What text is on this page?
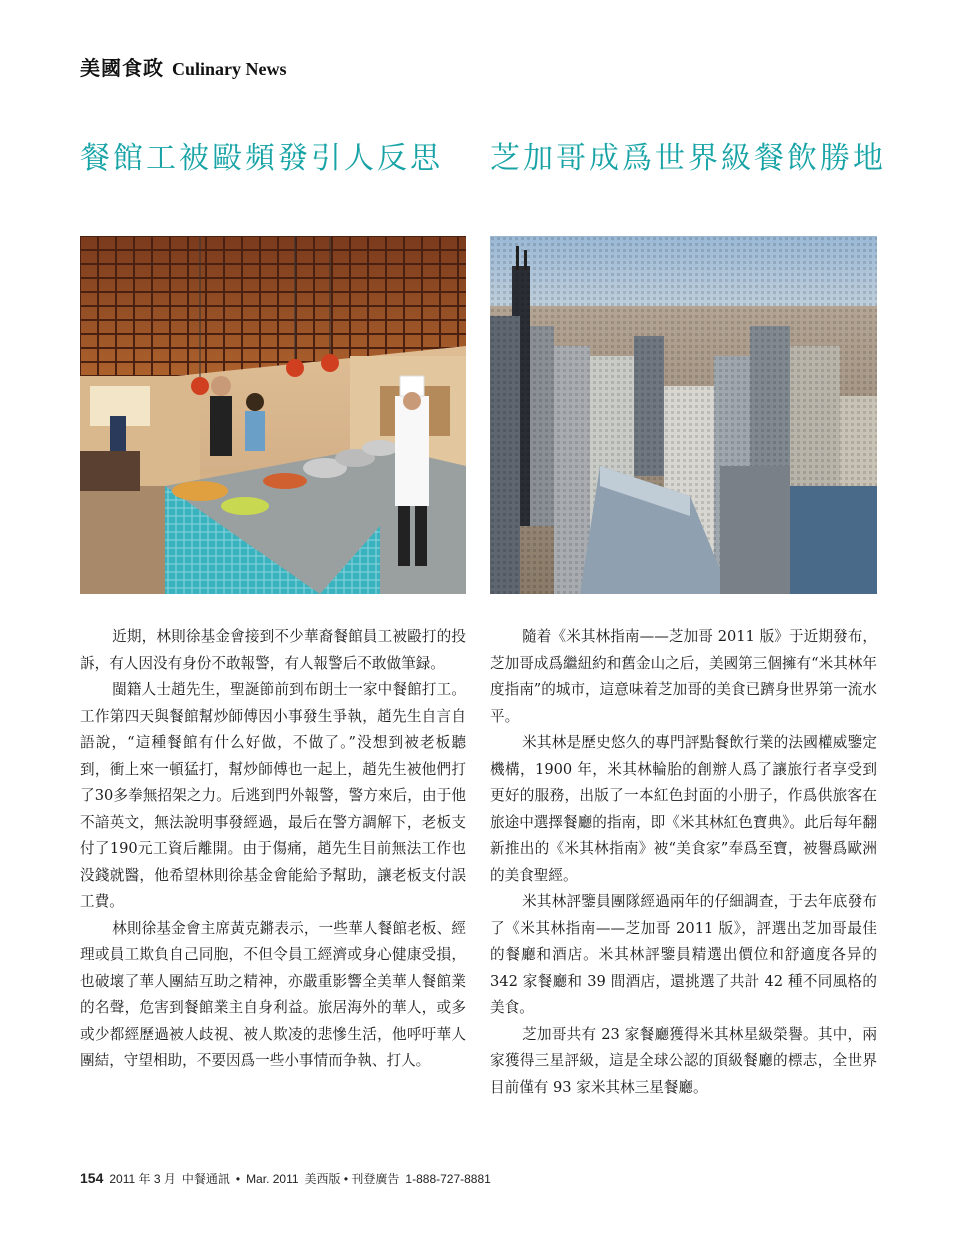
美國食政 Culinary News
餐館工被毆頻發引人反思 芝加哥成爲世界級餐飲勝地

近期，林則徐基金會接到不少華裔餐館員工被毆打的投訴，有人因没有身份不敢報警，有人報警后不敢做筆録。

閩籍人士趙先生，聖誕節前到布朗士一家中餐館打工。工作第四天與餐館幫炒師傅因小事發生爭執，趙先生自言自語說，“這種餐館有什么好做，不做了。”没想到被老板聽到，衝上來一頓猛打，幫炒師傅也一起上，趙先生被他們打了30多拳無招架之力。后逃到門外報警，警方來后，由于他不諳英文，無法說明事發經過，最后在警方調解下，老板支付了190元工資后離開。由于傷痛，趙先生目前無法工作也没錢就醫，他希望林則徐基金會能給予幫助，讓老板支付誤工費。

林則徐基金會主席黃克鏘表示，一些華人餐館老板、經理或員工欺負自己同胞，不但令員工經濟或身心健康受損，也破壞了華人團結互助之精神，亦嚴重影響全美華人餐館業的名聲，危害到餐館業主自身利益。旅居海外的華人，或多或少都經歷過被人歧視、被人欺凌的悲慘生活，他呼吁華人團結，守望相助，不要因爲一些小事情而争執、打人。

隨着《米其林指南——芝加哥 2011 版》于近期發布，芝加哥成爲繼紐約和舊金山之后，美國第三個擁有“米其林年度指南”的城市，這意味着芝加哥的美食已躋身世界第一流水平。

米其林是歷史悠久的專門評點餐飲行業的法國權威鑒定機構，1900 年，米其林輪胎的創辦人爲了讓旅行者享受到更好的服務，出版了一本紅色封面的小册子，作爲供旅客在旅途中選擇餐廳的指南，即《米其林紅色寶典》。此后每年翻新推出的《米其林指南》被“美食家”奉爲至寶，被譽爲歐洲的美食聖經。

米其林評鑒員團隊經過兩年的仔細調查，于去年底發布了《米其林指南——芝加哥 2011 版》，評選出芝加哥最佳的餐廳和酒店。米其林評鑒員精選出價位和舒適度各异的 342 家餐廳和 39 間酒店，還挑選了共計 42 種不同風格的美食。

芝加哥共有 23 家餐廳獲得米其林星級榮譽。其中，兩家獲得三星評級，這是全球公認的頂級餐廳的標志，全世界目前僅有 93 家米其林三星餐廳。

154 2011 年 3 月 中餐通訊 • Mar. 2011 美西版 • 刊登廣告 1-888-727-8881
